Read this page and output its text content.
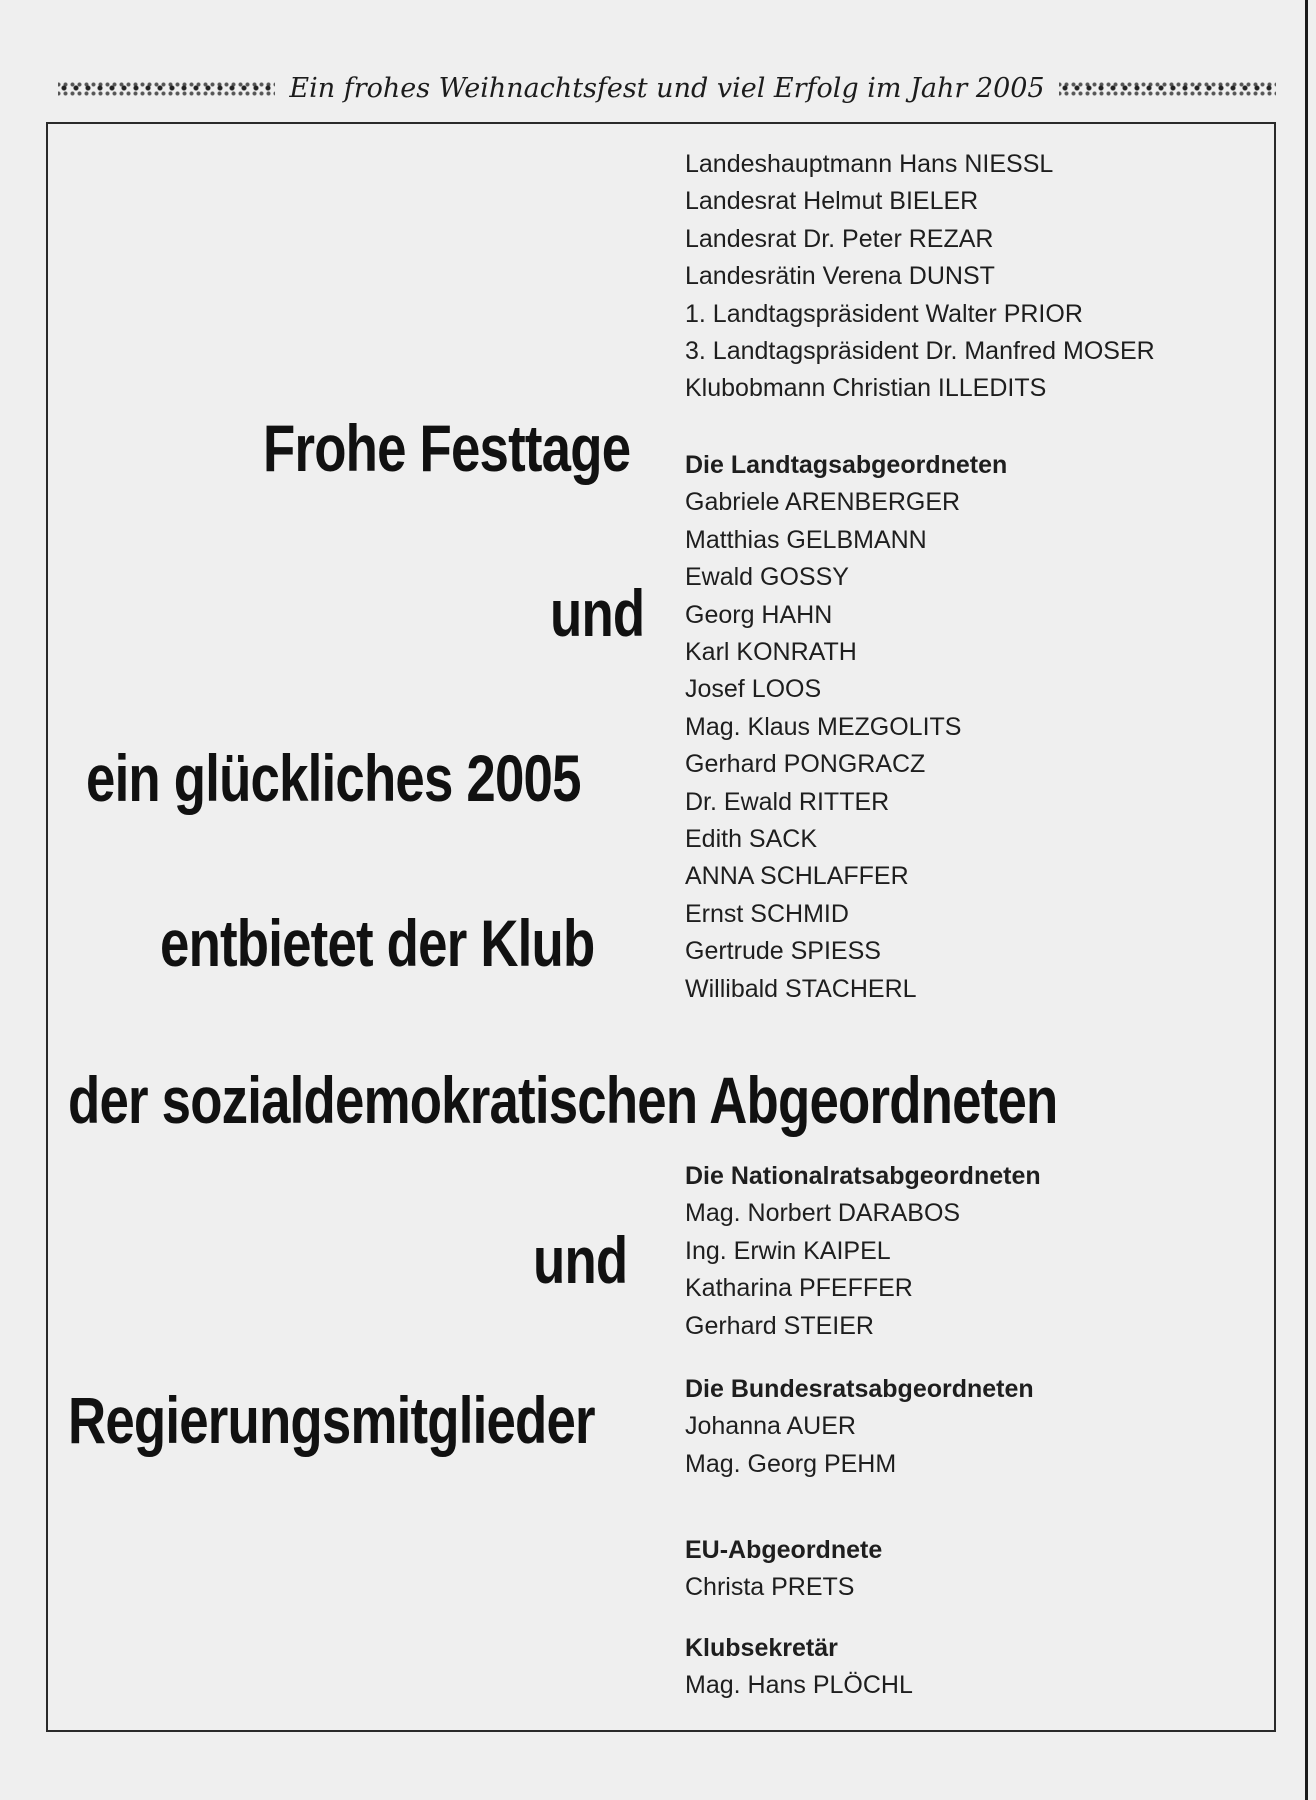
Ein frohes Weihnachtsfest und viel Erfolg im Jahr 2005
Frohe Festtage
und
ein glückliches 2005
entbietet der Klub
der sozialdemokratischen Abgeordneten
und
Regierungsmitglieder
Landeshauptmann Hans NIESSL
Landesrat Helmut BIELER
Landesrat Dr. Peter REZAR
Landesrätin Verena DUNST
1. Landtagspräsident Walter PRIOR
3. Landtagspräsident Dr. Manfred MOSER
Klubobmann Christian ILLEDITS
Die Landtagsabgeordneten
Gabriele ARENBERGER
Matthias GELBMANN
Ewald GOSSY
Georg HAHN
Karl KONRATH
Josef LOOS
Mag. Klaus MEZGOLITS
Gerhard PONGRACZ
Dr. Ewald RITTER
Edith SACK
ANNA SCHLAFFER
Ernst SCHMID
Gertrude SPIESS
Willibald STACHERL
Die Nationalratsabgeordneten
Mag. Norbert DARABOS
Ing. Erwin KAIPEL
Katharina PFEFFER
Gerhard STEIER
Die Bundesratsabgeordneten
Johanna AUER
Mag. Georg PEHM
EU-Abgeordnete
Christa PRETS
Klubsekretär
Mag. Hans PLÖCHL
